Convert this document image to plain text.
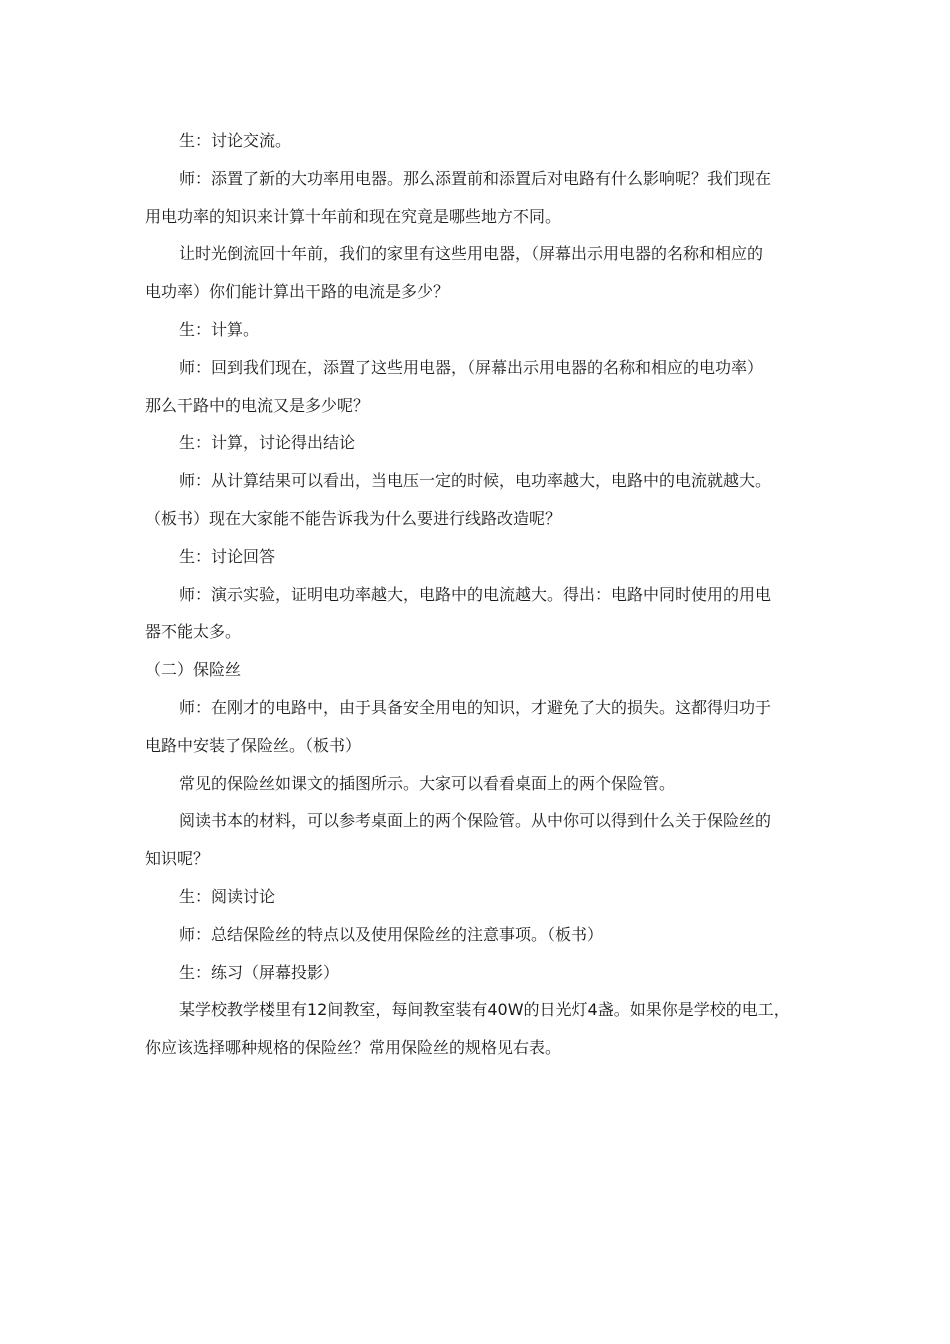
生：讨论交流。
师：添置了新的大功率用电器。那么添置前和添置后对电路有什么影响呢？我们现在
用电功率的知识来计算十年前和现在究竟是哪些地方不同。
让时光倒流回十年前，我们的家里有这些用电器，（屏幕出示用电器的名称和相应的
电功率）你们能计算出干路的电流是多少？
生：计算。
师：回到我们现在，添置了这些用电器，（屏幕出示用电器的名称和相应的电功率）
那么干路中的电流又是多少呢？
生：计算，讨论得出结论
师：从计算结果可以看出，当电压一定的时候，电功率越大，电路中的电流就越大。
（板书）现在大家能不能告诉我为什么要进行线路改造呢？
生：讨论回答
师：演示实验，证明电功率越大，电路中的电流越大。得出：电路中同时使用的用电
器不能太多。
（二）保险丝
师：在刚才的电路中，由于具备安全用电的知识，才避免了大的损失。这都得归功于
电路中安装了保险丝。（板书）
常见的保险丝如课文的插图所示。大家可以看看桌面上的两个保险管。
阅读书本的材料，可以参考桌面上的两个保险管。从中你可以得到什么关于保险丝的
知识呢？
生：阅读讨论
师：总结保险丝的特点以及使用保险丝的注意事项。（板书）
生：练习（屏幕投影）
某学校教学楼里有12间教室，每间教室装有40W的日光灯4盏。如果你是学校的电工，
你应该选择哪种规格的保险丝？常用保险丝的规格见右表。
